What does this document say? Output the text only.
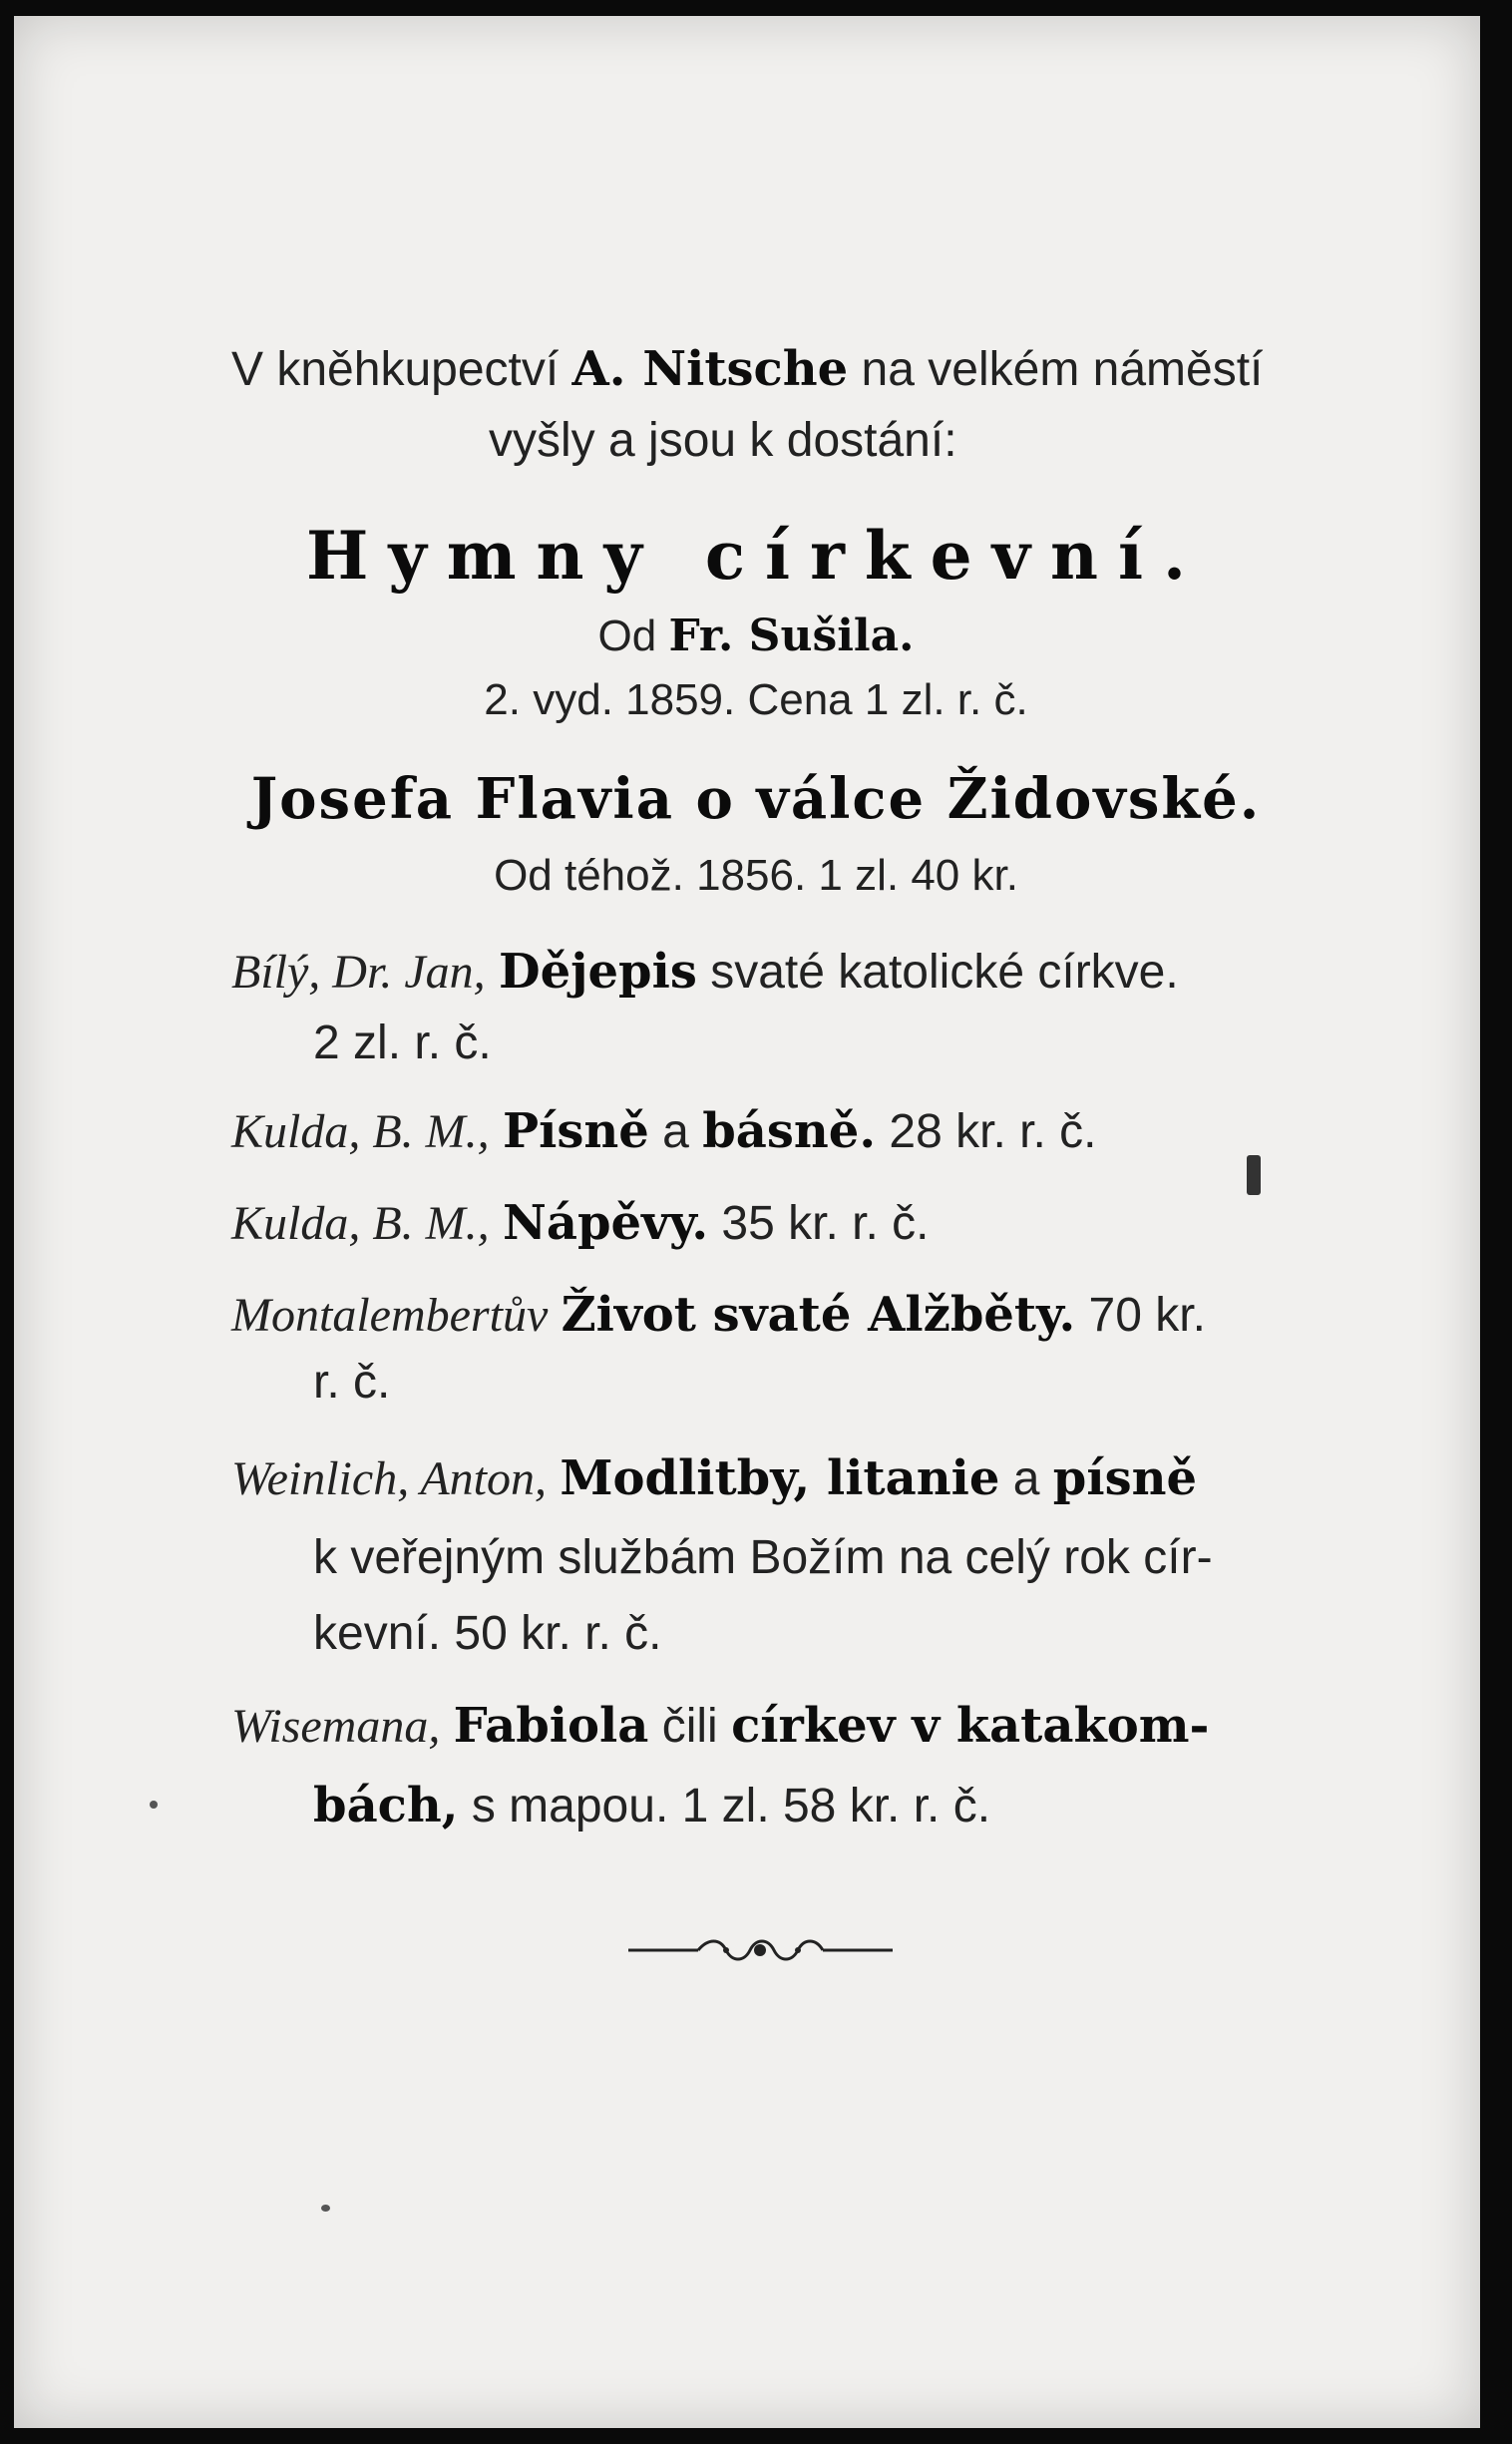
V kněhkupectví A. Nitsche na velkém náměstí
vyšly a jsou k dostání:
Hymny církevní.
Od Fr. Sušila.
2. vyd. 1859. Cena 1 zl. r. č.
Josefa Flavia o válce Židovské.
Od téhož. 1856. 1 zl. 40 kr.
Bílý, Dr. Jan, Dějepis svaté katolické církve.
2 zl. r. č.
Kulda, B. M., Písně a básně. 28 kr. r. č.
Kulda, B. M., Nápěvy. 35 kr. r. č.
Montalembertův Život svaté Alžběty. 70 kr.
r. č.
Weinlich, Anton, Modlitby, litanie a písně
k veřejným službám Božím na celý rok cír-
kevní. 50 kr. r. č.
Wisemana, Fabiola čili církev v katakom-
bách, s mapou. 1 zl. 58 kr. r. č.
